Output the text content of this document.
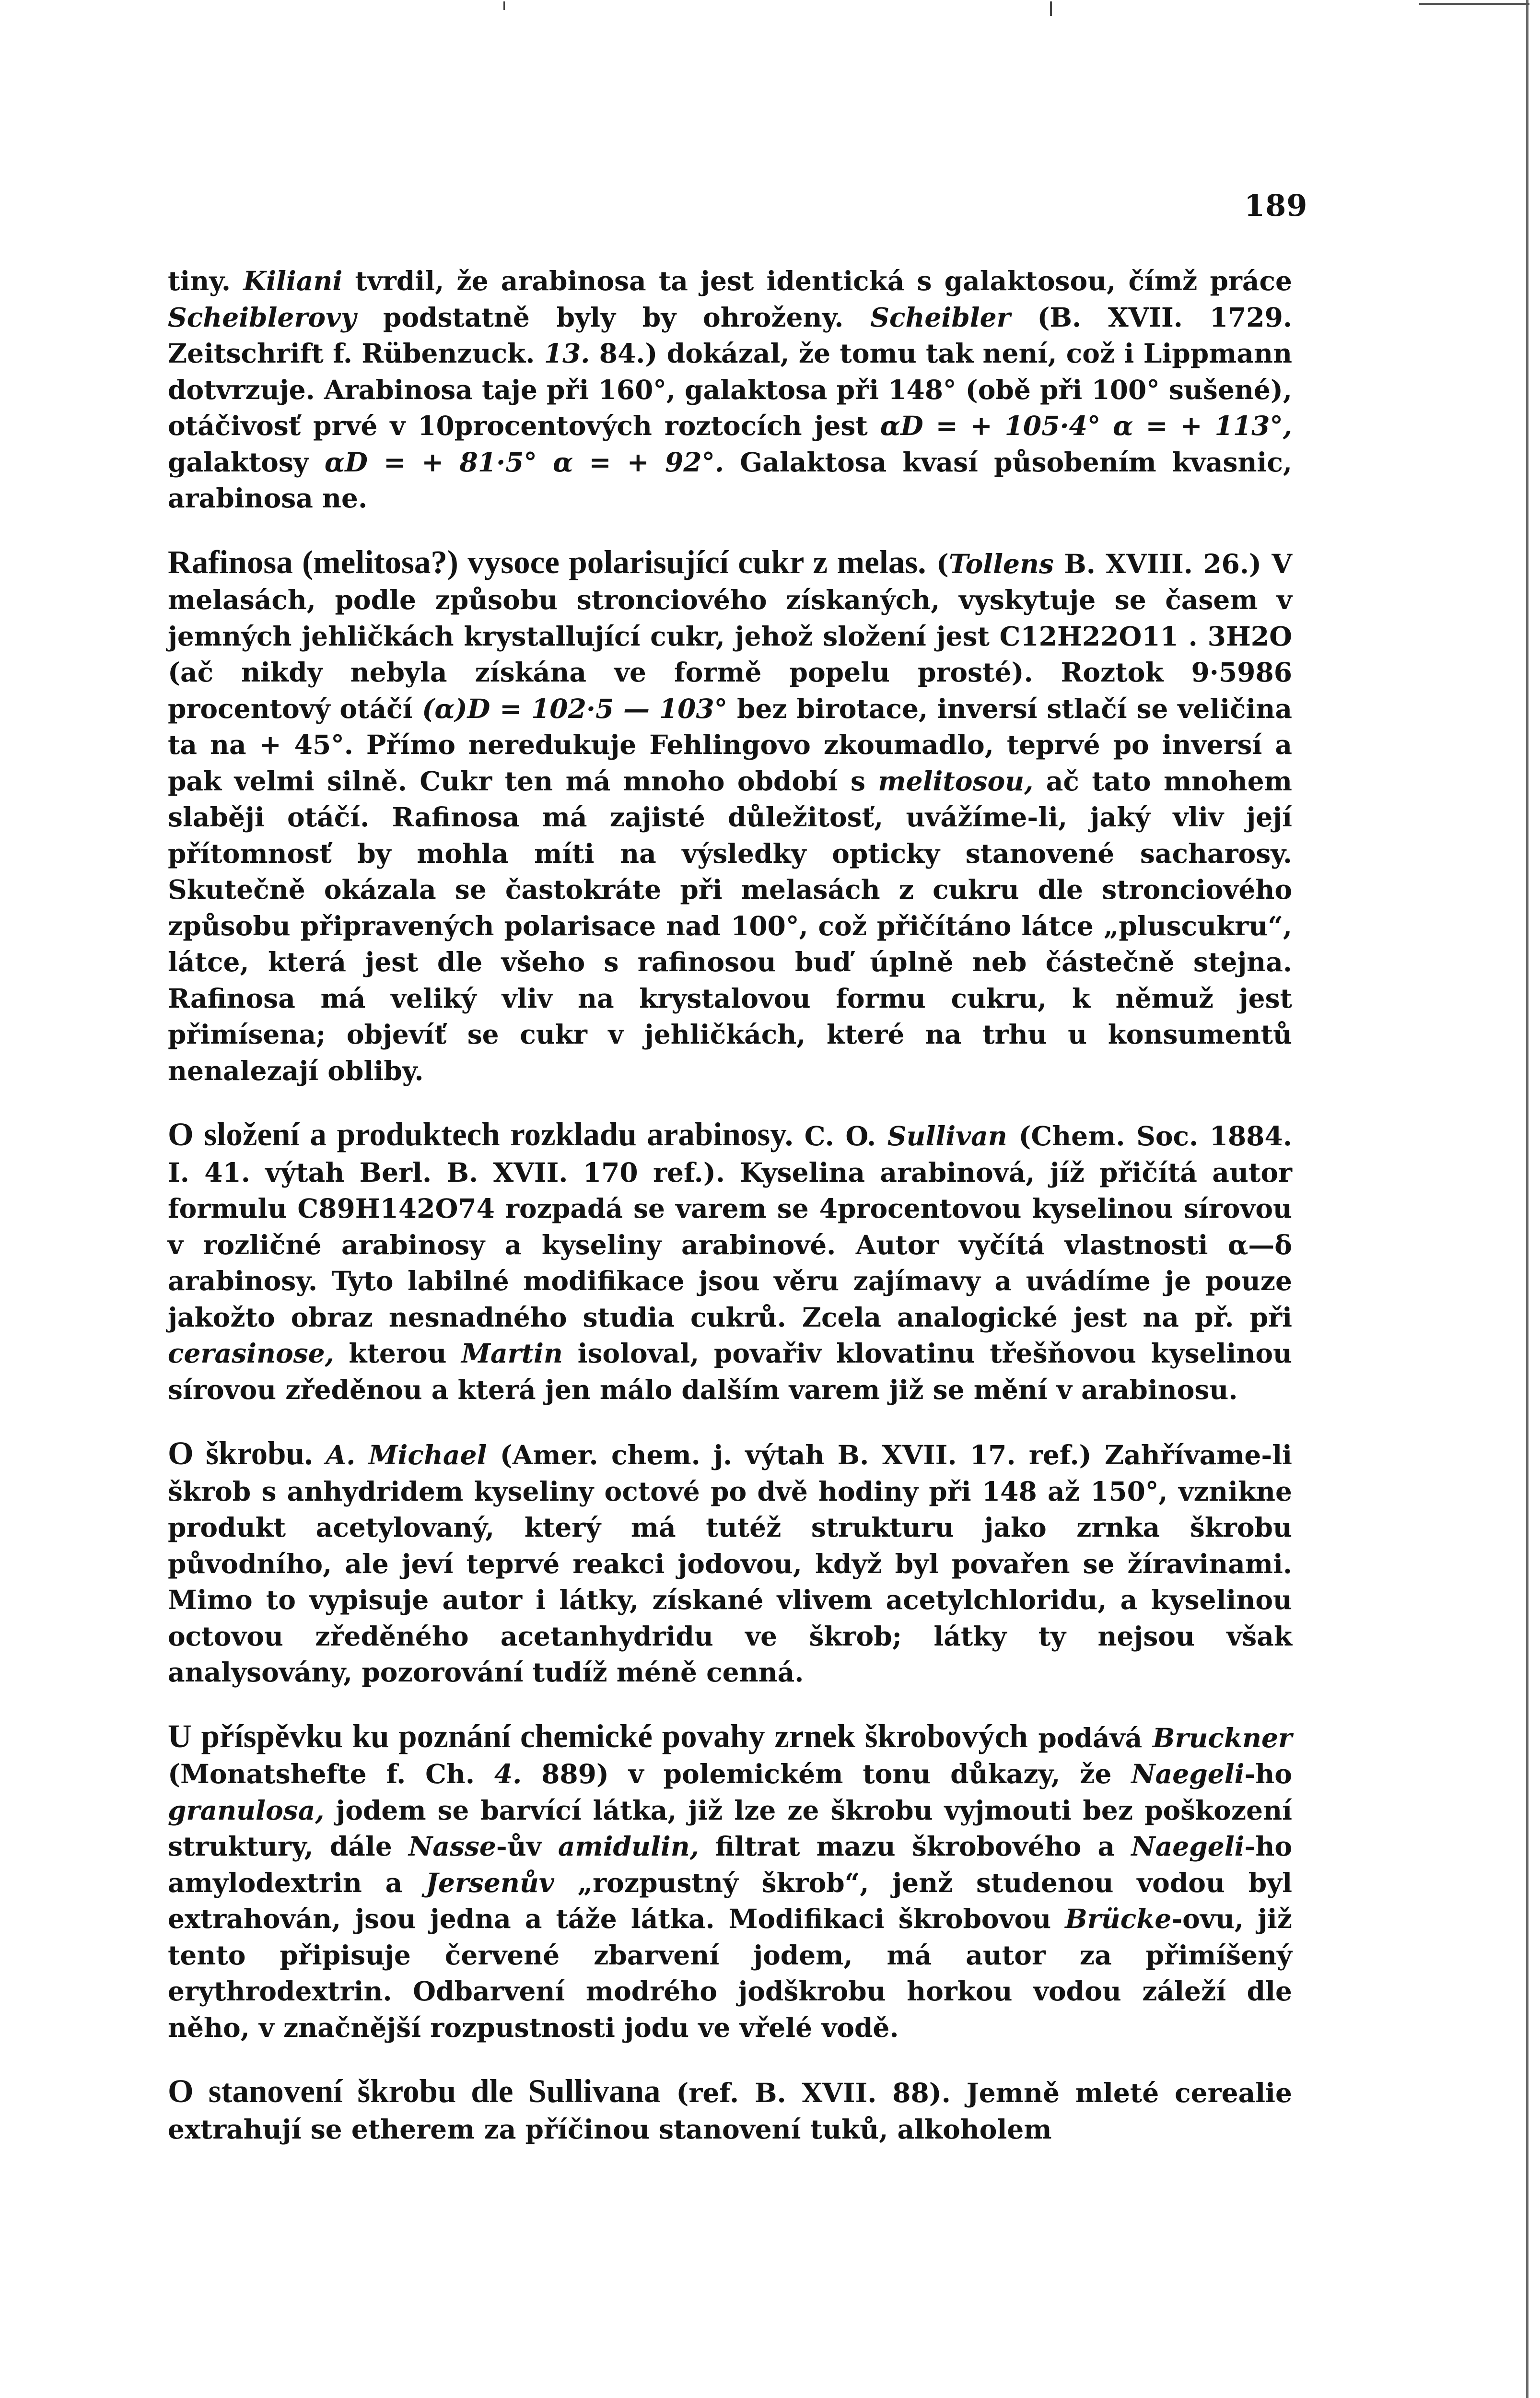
189

tiny. Kiliani tvrdil, že arabinosa ta jest identická s galaktosou, čímž práce Scheiblerovy podstatně byly by ohroženy. Scheibler (B. XVII. 1729. Zeitschrift f. Rübenzuck. 13. 84.) dokázal, že tomu tak není, což i Lippmann dotvrzuje. Arabinosa taje při 160°, galaktosa při 148° (obě při 100° sušené), otáčivosť prvé v 10procentových roztocích jest αD = + 105·4° α = + 113°, galaktosy αD = + 81·5° α = + 92°. Galaktosa kvasí působením kvasnic, arabinosa ne.

Rafinosa (melitosa?) vysoce polarisující cukr z melas. (Tollens B. XVIII. 26.) V melasách, podle způsobu stronciového získaných, vyskytuje se časem v jemných jehličkách krystallující cukr, jehož složení jest C12H22O11 . 3H2O (ač nikdy nebyla získána ve formě popelu prosté). Roztok 9·5986 procentový otáčí (α)D = 102·5 — 103° bez birotace, inversí stlačí se veličina ta na + 45°. Přímo neredukuje Fehlingovo zkoumadlo, teprvé po inversí a pak velmi silně. Cukr ten má mnoho období s melitosou, ač tato mnohem slaběji otáčí. Rafinosa má zajisté důležitosť, uvážíme-li, jaký vliv její přítomnosť by mohla míti na výsledky opticky stanovené sacharosy. Skutečně okázala se častokráte při melasách z cukru dle stronciového způsobu připravených polarisace nad 100°, což přičítáno látce „pluscukru“, látce, která jest dle všeho s rafinosou buď úplně neb částečně stejna. Rafinosa má veliký vliv na krystalovou formu cukru, k němuž jest přimísena; objevíť se cukr v jehličkách, které na trhu u konsumentů nenalezají obliby.

O složení a produktech rozkladu arabinosy. C. O. Sullivan (Chem. Soc. 1884. I. 41. výtah Berl. B. XVII. 170 ref.). Kyselina arabinová, jíž přičítá autor formulu C89H142O74 rozpadá se varem se 4procentovou kyselinou sírovou v rozličné arabinosy a kyseliny arabinové. Autor vyčítá vlastnosti α—δ arabinosy. Tyto labilné modifikace jsou věru zajímavy a uvádíme je pouze jakožto obraz nesnadného studia cukrů. Zcela analogické jest na př. při cerasinose, kterou Martin isoloval, povařiv klovatinu třešňovou kyselinou sírovou zředěnou a která jen málo dalším varem již se mění v arabinosu.

O škrobu. A. Michael (Amer. chem. j. výtah B. XVII. 17. ref.) Zahřívame-li škrob s anhydridem kyseliny octové po dvě hodiny při 148 až 150°, vznikne produkt acetylovaný, který má tutéž strukturu jako zrnka škrobu původního, ale jeví teprvé reakci jodovou, když byl povařen se žíravinami. Mimo to vypisuje autor i látky, získané vlivem acetylchloridu, a kyselinou octovou zředěného acetanhydridu ve škrob; látky ty nejsou však analysovány, pozorování tudíž méně cenná.

U příspěvku ku poznání chemické povahy zrnek škrobových podává Bruckner (Monatshefte f. Ch. 4. 889) v polemickém tonu důkazy, že Naegeli-ho granulosa, jodem se barvící látka, již lze ze škrobu vyjmouti bez poškození struktury, dále Nasse-ův amidulin, filtrat mazu škrobového a Naegeli-ho amylodextrin a Jersenův „rozpustný škrob“, jenž studenou vodou byl extrahován, jsou jedna a táže látka. Modifikaci škrobovou Brücke-ovu, již tento připisuje červené zbarvení jodem, má autor za přimíšený erythrodextrin. Odbarvení modrého jodškrobu horkou vodou záleží dle něho, v značnější rozpustnosti jodu ve vřelé vodě.

O stanovení škrobu dle Sullivana (ref. B. XVII. 88). Jemně mleté cerealie extrahují se etherem za příčinou stanovení tuků, alkoholem
